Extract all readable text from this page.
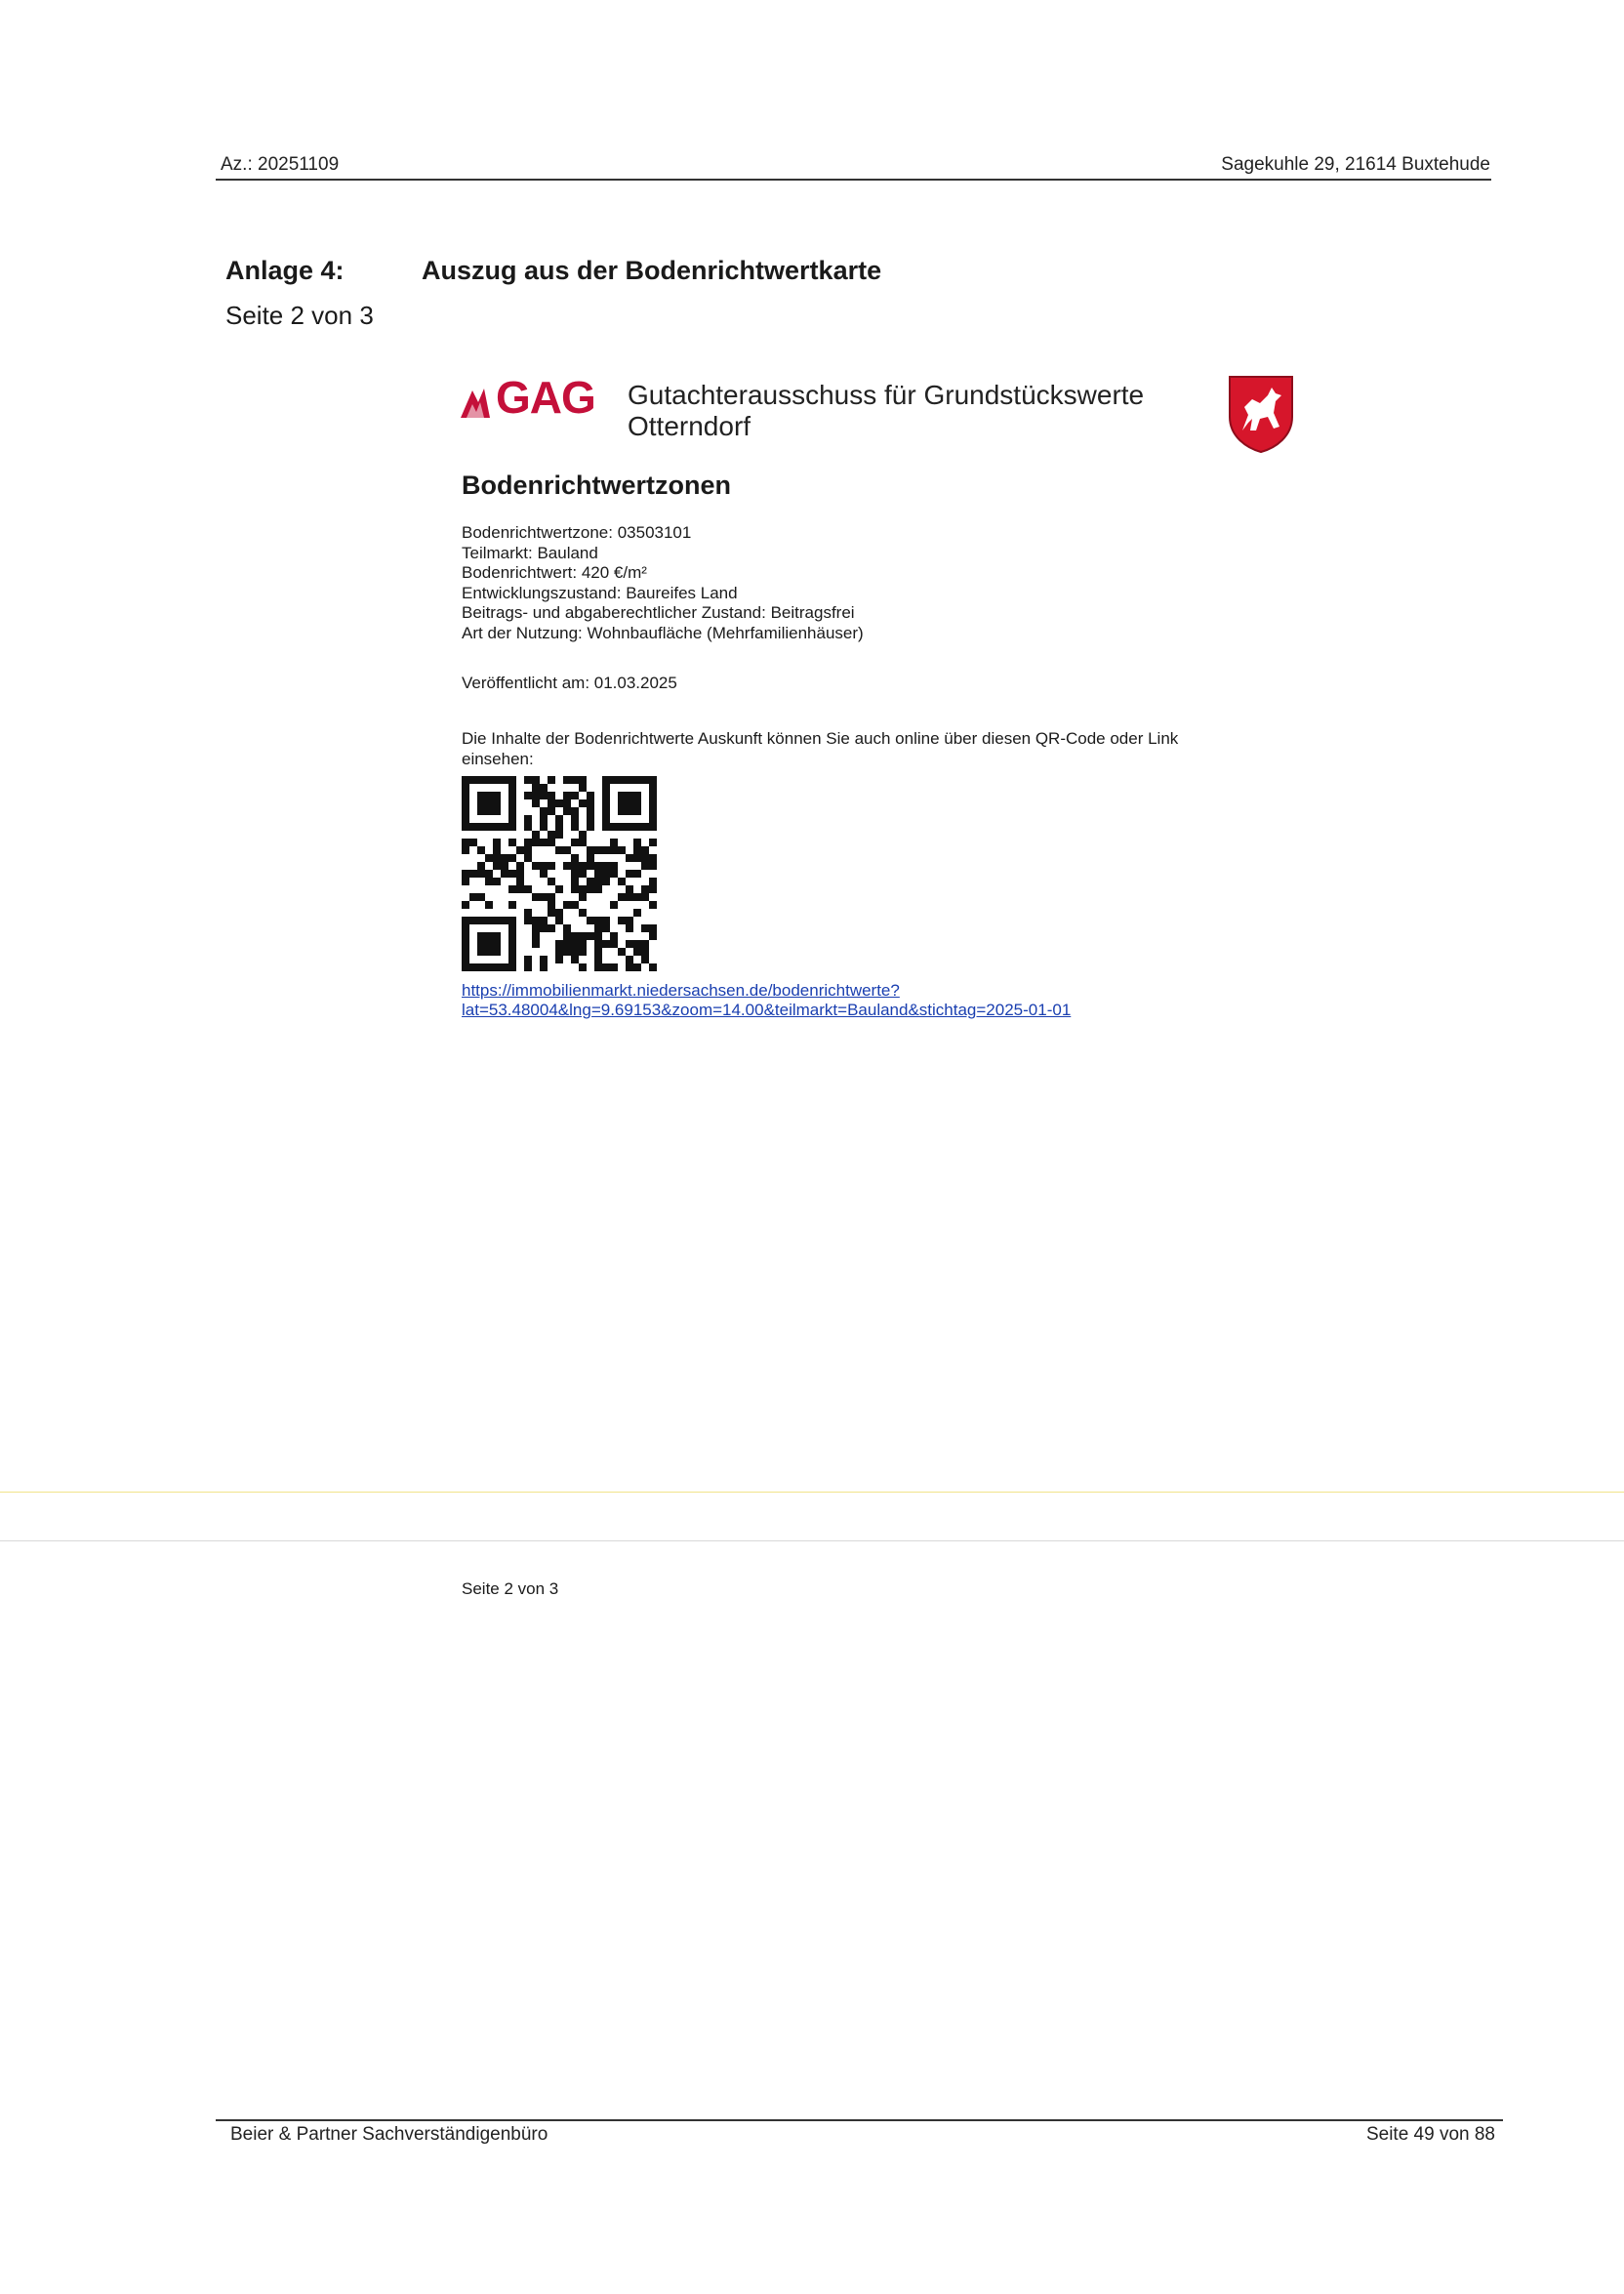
Az.: 20251109	Sagekuhle 29, 21614 Buxtehude
Anlage 4:
Seite 2 von 3
Auszug aus der Bodenrichtwertkarte
GAG Gutachterausschuss für Grundstückswerte
Otterndorf
Bodenrichtwertzonen
Bodenrichtwertzone: 03503101
Teilmarkt: Bauland
Bodenrichtwert: 420 €/m²
Entwicklungszustand: Baureifes Land
Beitrags- und abgaberechtlicher Zustand: Beitragsfrei
Art der Nutzung: Wohnbaufläche (Mehrfamilienhäuser)
Veröffentlicht am: 01.03.2025
Die Inhalte der Bodenrichtwerte Auskunft können Sie auch online über diesen QR-Code oder Link
einsehen:
https://immobilienmarkt.niedersachsen.de/bodenrichtwerte?
lat=53.48004&lng=9.69153&zoom=14.00&teilmarkt=Bauland&stichtag=2025-01-01
Seite 2 von 3
Beier & Partner Sachverständigenbüro	Seite 49 von 88
